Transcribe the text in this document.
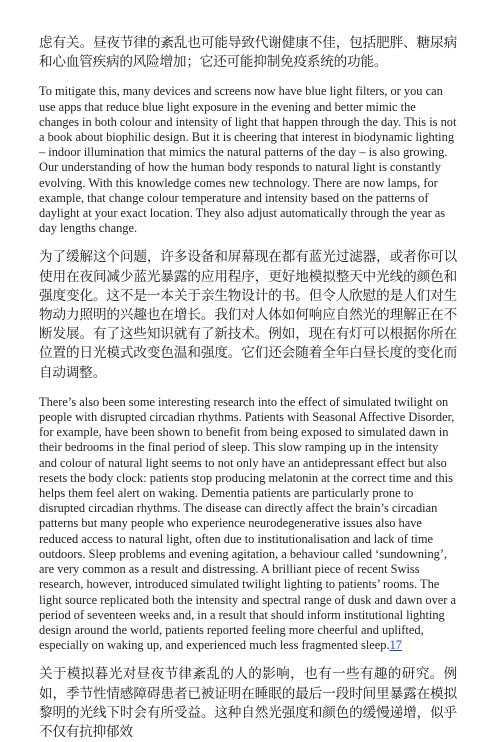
虑有关。昼夜节律的紊乱也可能导致代谢健康不佳，包括肥胖、糖尿病和心血管疾病的风险增加；它还可能抑制免疫系统的功能。

To mitigate this, many devices and screens now have blue light filters, or you can use apps that reduce blue light exposure in the evening and better mimic the changes in both colour and intensity of light that happen through the day. This is not a book about biophilic design. But it is cheering that interest in biodynamic lighting – indoor illumination that mimics the natural patterns of the day – is also growing. Our understanding of how the human body responds to natural light is constantly evolving. With this knowledge comes new technology. There are now lamps, for example, that change colour temperature and intensity based on the patterns of daylight at your exact location. They also adjust automatically through the year as day lengths change.

为了缓解这个问题，许多设备和屏幕现在都有蓝光过滤器，或者你可以使用在夜间减少蓝光暴露的应用程序，更好地模拟整天中光线的颜色和强度变化。这不是一本关于亲生物设计的书。但令人欣慰的是人们对生物动力照明的兴趣也在增长。我们对人体如何响应自然光的理解正在不断发展。有了这些知识就有了新技术。例如，现在有灯可以根据你所在位置的日光模式改变色温和强度。它们还会随着全年白昼长度的变化而自动调整。

There’s also been some interesting research into the effect of simulated twilight on people with disrupted circadian rhythms. Patients with Seasonal Affective Disorder, for example, have been shown to benefit from being exposed to simulated dawn in their bedrooms in the final period of sleep. This slow ramping up in the intensity and colour of natural light seems to not only have an antidepressant effect but also resets the body clock: patients stop producing melatonin at the correct time and this helps them feel alert on waking. Dementia patients are particularly prone to disrupted circadian rhythms. The disease can directly affect the brain’s circadian patterns but many people who experience neurodegenerative issues also have reduced access to natural light, often due to institutionalisation and lack of time outdoors. Sleep problems and evening agitation, a behaviour called ‘sundowning’, are very common as a result and distressing. A brilliant piece of recent Swiss research, however, introduced simulated twilight lighting to patients’ rooms. The light source replicated both the intensity and spectral range of dusk and dawn over a period of seventeen weeks and, in a result that should inform institutional lighting design around the world, patients reported feeling more cheerful and uplifted, especially on waking up, and experienced much less fragmented sleep.17

关于模拟暮光对昼夜节律紊乱的人的影响，也有一些有趣的研究。例如，季节性情感障碍患者已被证明在睡眠的最后一段时间里暴露在模拟黎明的光线下时会有所受益。这种自然光强度和颜色的缓慢递增，似乎不仅有抗抑郁效
